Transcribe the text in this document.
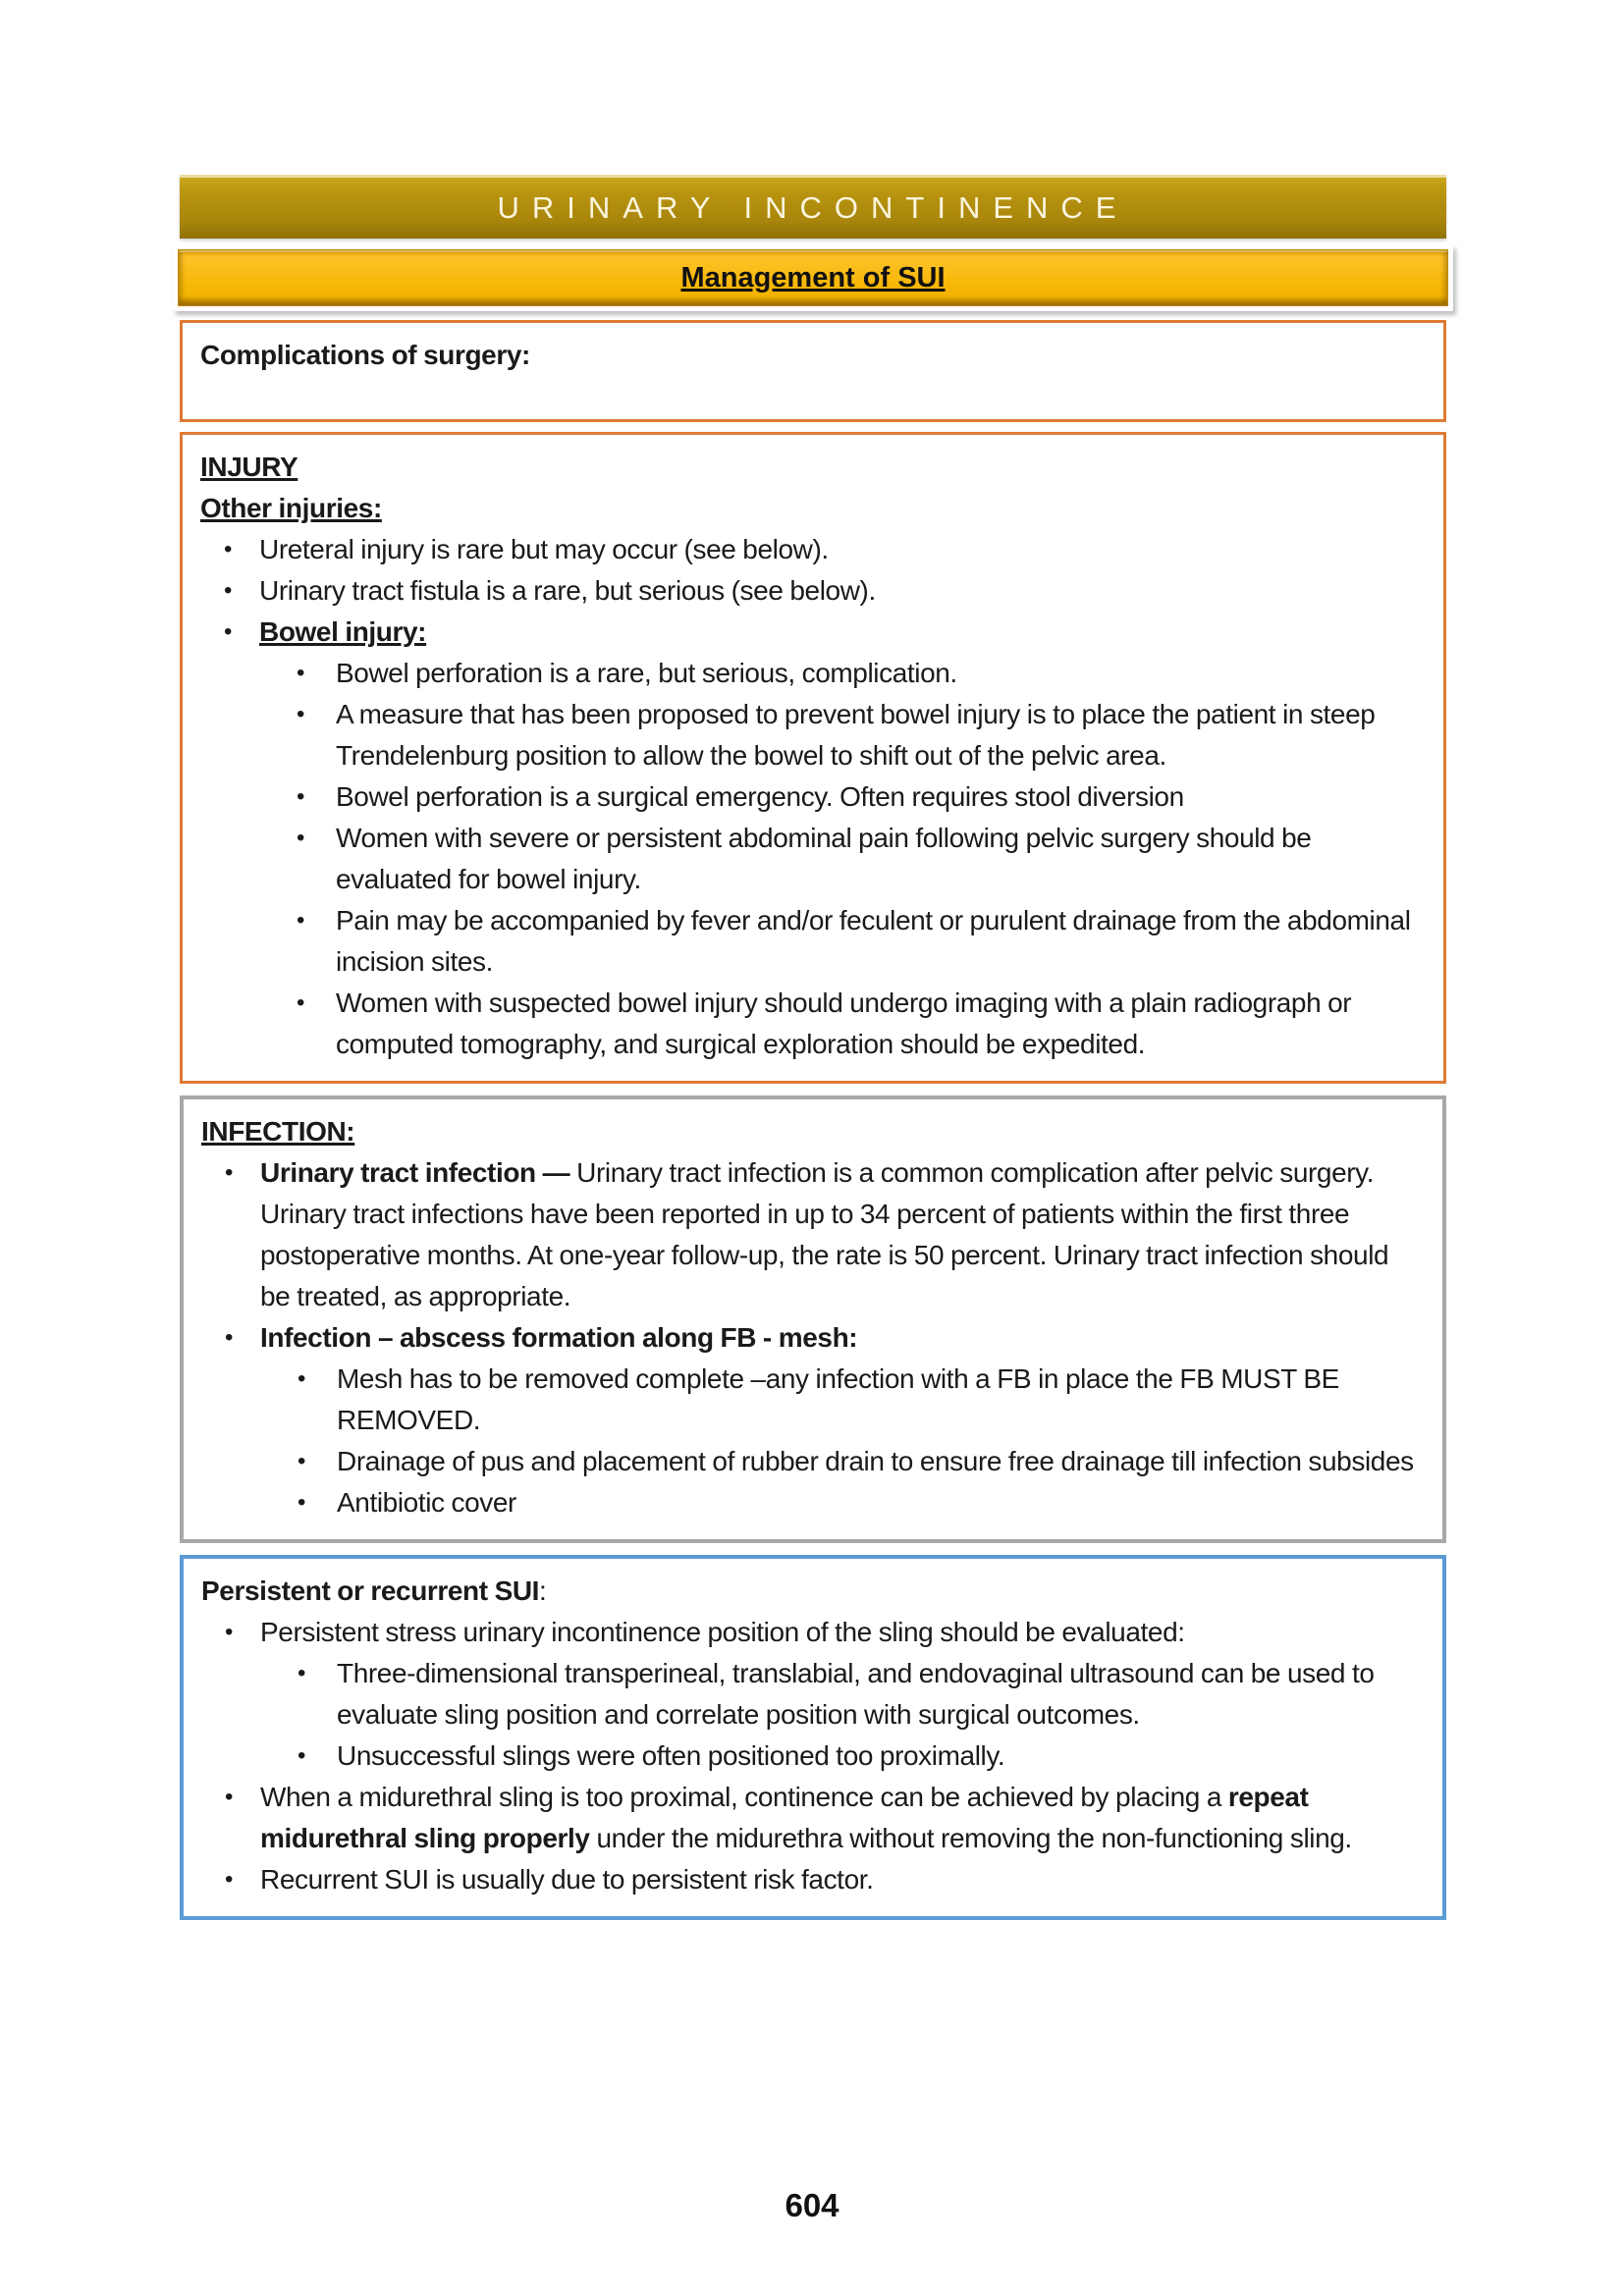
URINARY INCONTINENCE
Management of SUI
Complications of surgery:
INJURY
Other injuries:
• Ureteral injury is rare but may occur (see below).
• Urinary tract fistula is a rare, but serious (see below).
• Bowel injury:
•	Bowel perforation is a rare, but serious, complication.
•	A measure that has been proposed to prevent bowel injury is to place the patient in steep Trendelenburg position to allow the bowel to shift out of the pelvic area.
•	Bowel perforation is a surgical emergency. Often requires stool diversion
•	Women with severe or persistent abdominal pain following pelvic surgery should be evaluated for bowel injury.
•	Pain may be accompanied by fever and/or feculent or purulent drainage from the abdominal incision sites.
•	Women with suspected bowel injury should undergo imaging with a plain radiograph or computed tomography, and surgical exploration should be expedited.
INFECTION:
• Urinary tract infection — Urinary tract infection is a common complication after pelvic surgery. Urinary tract infections have been reported in up to 34 percent of patients within the first three postoperative months. At one-year follow-up, the rate is 50 percent. Urinary tract infection should be treated, as appropriate.
• Infection – abscess formation along FB - mesh:
•	Mesh has to be removed complete –any infection with a FB in place the FB MUST BE REMOVED.
•	Drainage of pus and placement of rubber drain to ensure free drainage till infection subsides
•	Antibiotic cover
Persistent or recurrent SUI:
• Persistent stress urinary incontinence position of the sling should be evaluated:
•	Three-dimensional transperineal, translabial, and endovaginal ultrasound can be used to evaluate sling position and correlate position with surgical outcomes.
•	Unsuccessful slings were often positioned too proximally.
• When a midurethral sling is too proximal, continence can be achieved by placing a repeat midurethral sling properly under the midurethra without removing the non-functioning sling.
• Recurrent SUI is usually due to persistent risk factor.
604
